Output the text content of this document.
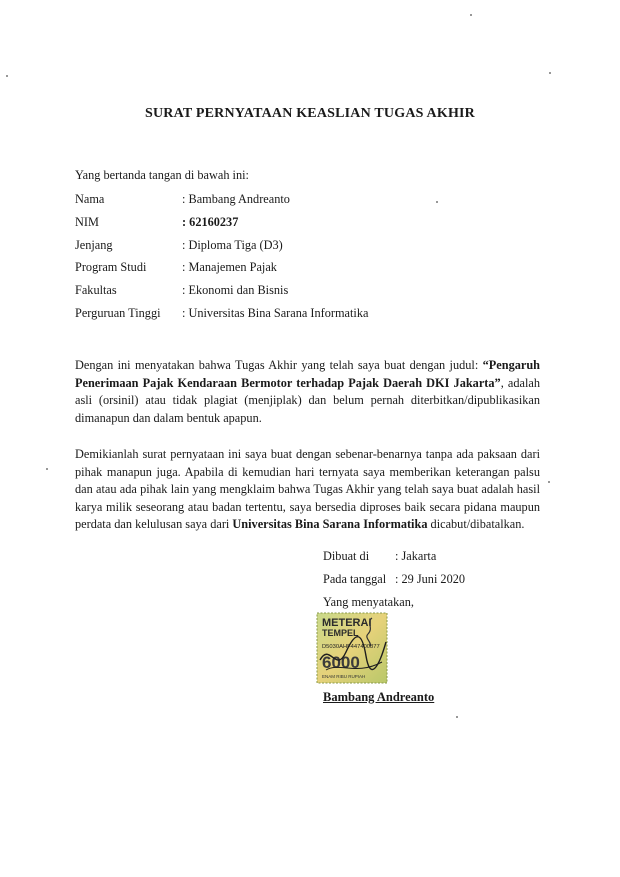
SURAT PERNYATAAN KEASLIAN TUGAS AKHIR
Yang bertanda tangan di bawah ini:
Nama	: Bambang Andreanto
NIM	: 62160237
Jenjang	: Diploma Tiga (D3)
Program Studi	: Manajemen Pajak
Fakultas	: Ekonomi dan Bisnis
Perguruan Tinggi : Universitas Bina Sarana Informatika
Dengan ini menyatakan bahwa Tugas Akhir yang telah saya buat dengan judul: “Pengaruh Penerimaan Pajak Kendaraan Bermotor terhadap Pajak Daerah DKI Jakarta”, adalah asli (orsinil) atau tidak plagiat (menjiplak) dan belum pernah diterbitkan/dipublikasikan dimanapun dan dalam bentuk apapun.
Demikianlah surat pernyataan ini saya buat dengan sebenar-benarnya tanpa ada paksaan dari pihak manapun juga. Apabila di kemudian hari ternyata saya memberikan keterangan palsu dan atau ada pihak lain yang mengklaim bahwa Tugas Akhir yang telah saya buat adalah hasil karya milik seseorang atau badan tertentu, saya bersedia diproses baik secara pidana maupun perdata dan kelulusan saya dari Universitas Bina Sarana Informatika dicabut/dibatalkan.
Dibuat di : Jakarta
Pada tanggal : 29 Juni 2020
Yang menyatakan,
METERAI
TEMPEL
D5030AHF447400877
6000
ENAM RIBU RUPIAH
Bambang Andreanto
